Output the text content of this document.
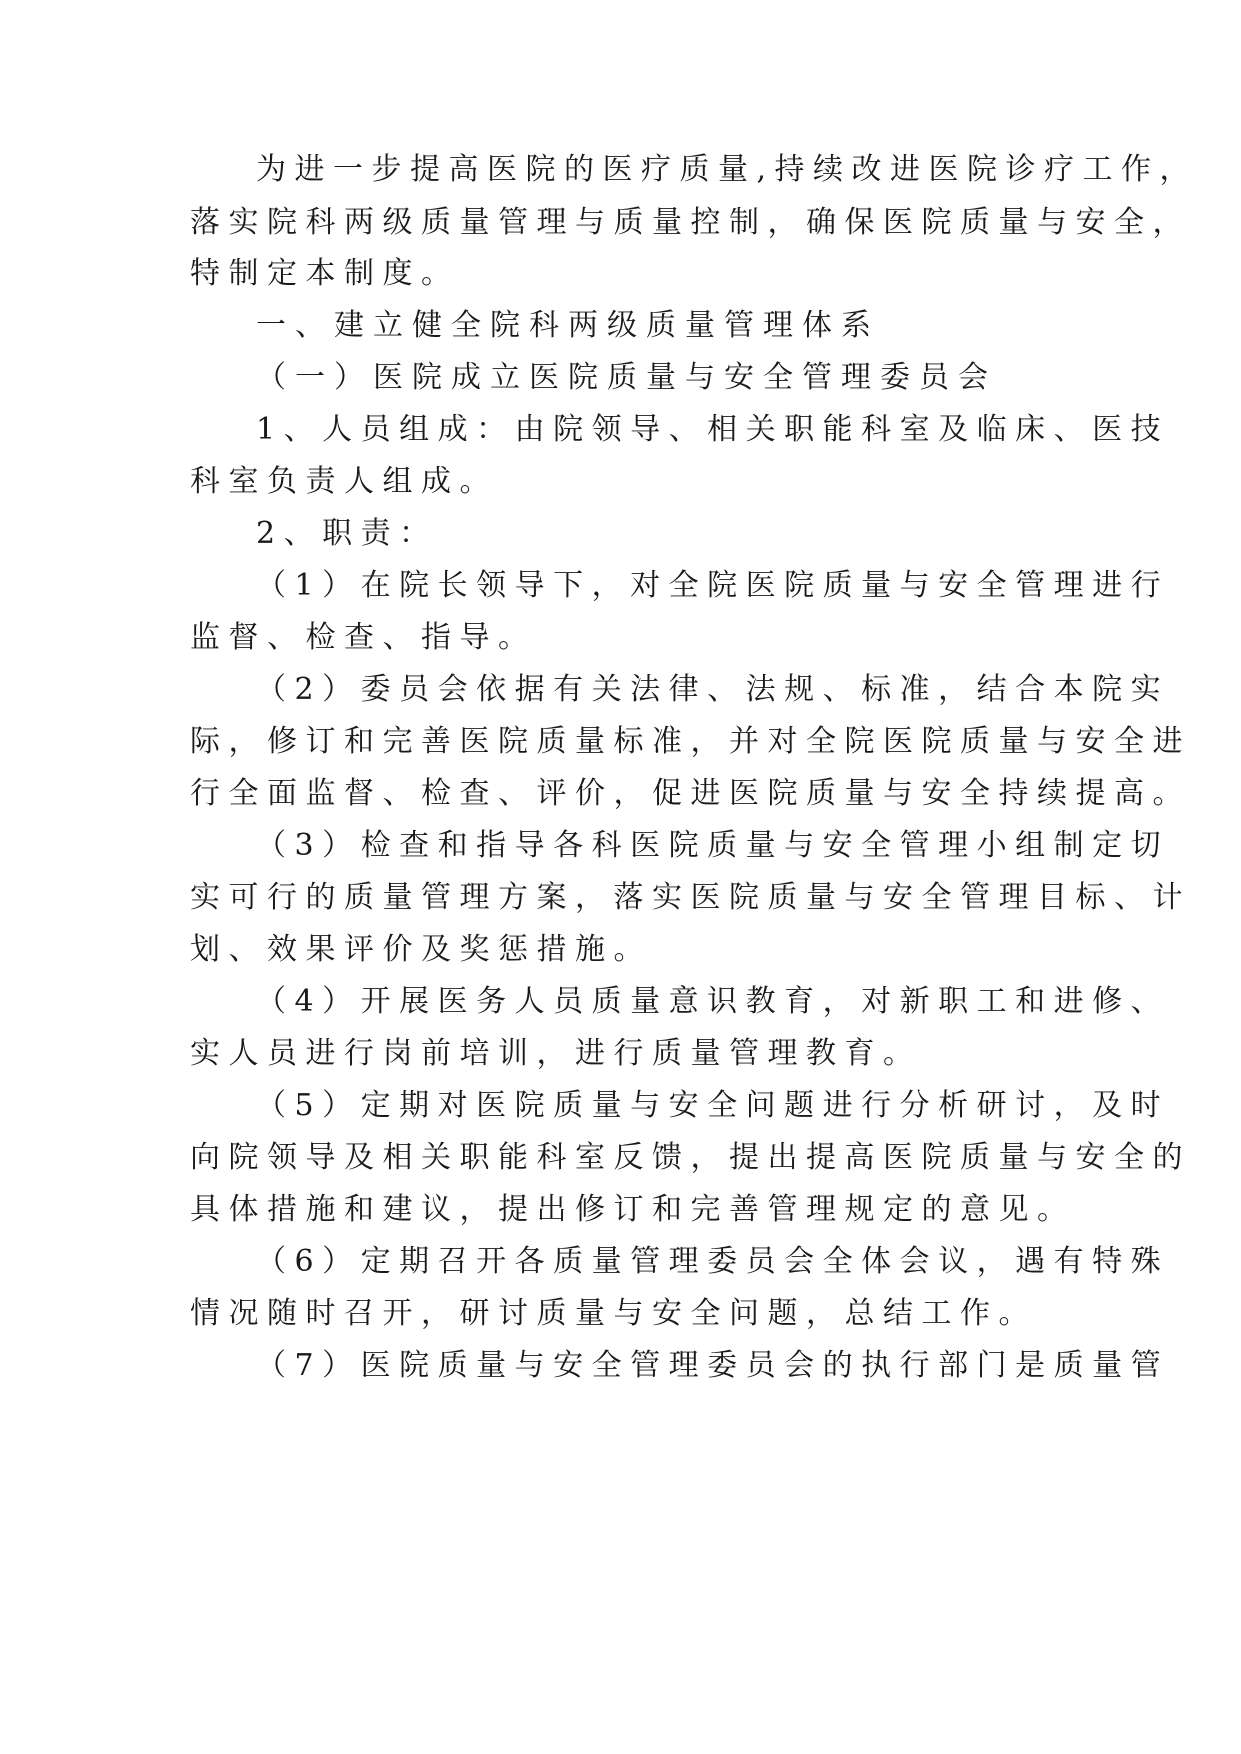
为进一步提高医院的医疗质量,持续改进医院诊疗工作，

落实院科两级质量管理与质量控制，确保医院质量与安全，

特制定本制度。

一、建立健全院科两级质量管理体系

（一）医院成立医院质量与安全管理委员会

1、人员组成：由院领导、相关职能科室及临床、医技

科室负责人组成。

2、职责：

（1）在院长领导下，对全院医院质量与安全管理进行

监督、检查、指导。

（2）委员会依据有关法律、法规、标准，结合本院实

际，修订和完善医院质量标准，并对全院医院质量与安全进

行全面监督、检查、评价，促进医院质量与安全持续提高。

（3）检查和指导各科医院质量与安全管理小组制定切

实可行的质量管理方案，落实医院质量与安全管理目标、计

划、效果评价及奖惩措施。

（4）开展医务人员质量意识教育，对新职工和进修、

实人员进行岗前培训，进行质量管理教育。

（5）定期对医院质量与安全问题进行分析研讨，及时

向院领导及相关职能科室反馈，提出提高医院质量与安全的

具体措施和建议，提出修订和完善管理规定的意见。

（6）定期召开各质量管理委员会全体会议，遇有特殊

情况随时召开，研讨质量与安全问题，总结工作。

（7）医院质量与安全管理委员会的执行部门是质量管
